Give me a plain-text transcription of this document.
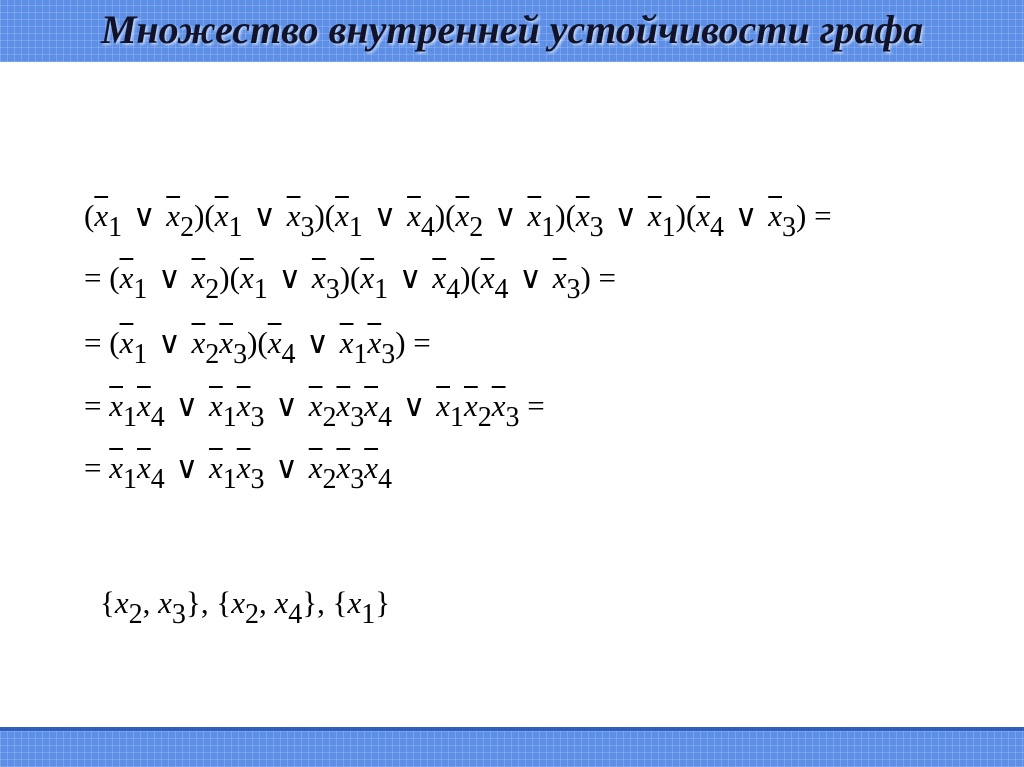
Множество внутренней устойчивости графа
($\overline{x}1$ ∨ $\overline{x}2)(\overline{x}1$ ∨ $\overline{x}3)(\overline{x}1$ ∨ $\overline{x}4)(\overline{x}2$ ∨ $\overline{x}1)(\overline{x}3$ ∨ $\overline{x}1)(\overline{x}4$ ∨ $\overline{x}3$) =
= ($\overline{x}1$ ∨ $\overline{x}2)(\overline{x}1$ ∨ $\overline{x}3)(\overline{x}1$ ∨ $\overline{x}4)(\overline{x}4$ ∨ $\overline{x}3$) =
= ($\overline{x}1$ ∨ $\overline{x}2\overline{x}3)(\overline{x}4$ ∨ $\overline{x}1\overline{x}3$) =
= $\overline{x}1\overline{x}4$ ∨ $\overline{x}1\overline{x}3$ ∨ $\overline{x}2\overline{x}3\overline{x}4$ ∨ $\overline{x}1\overline{x}2\overline{x}3$ =
= $\overline{x}1\overline{x}4$ ∨ $\overline{x}1\overline{x}3$ ∨ $\overline{x}2\overline{x}3\overline{x}4$
{x2, x3}, {x2, x4}, {x1}
